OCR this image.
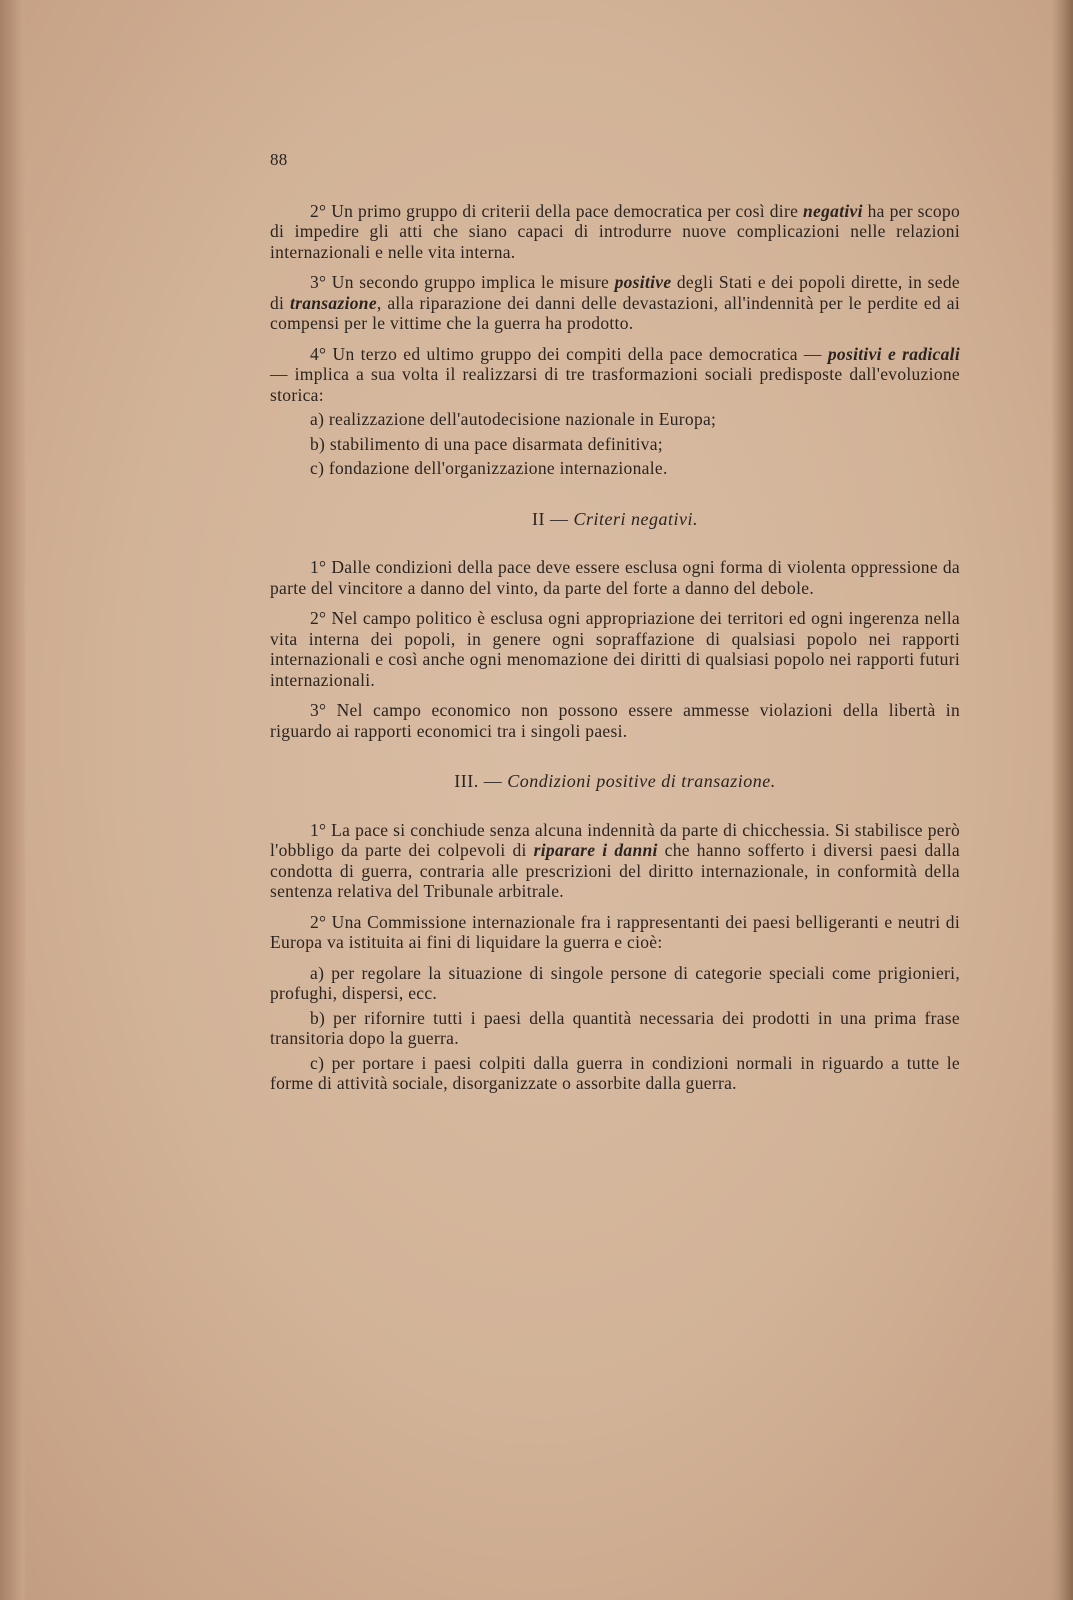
88

2° Un primo gruppo di criterii della pace democratica per così dire negativi ha per scopo di impedire gli atti che siano capaci di introdurre nuove complicazioni nelle relazioni internazionali e nelle vita interna.

3° Un secondo gruppo implica le misure positive degli Stati e dei popoli dirette, in sede di transazione, alla riparazione dei danni delle devastazioni, all'indennità per le perdite ed ai compensi per le vittime che la guerra ha prodotto.

4° Un terzo ed ultimo gruppo dei compiti della pace democratica — positivi e radicali — implica a sua volta il realizzarsi di tre trasformazioni sociali predisposte dall'evoluzione storica:

a) realizzazione dell'autodecisione nazionale in Europa;

b) stabilimento di una pace disarmata definitiva;

c) fondazione dell'organizzazione internazionale.

II — Criteri negativi.

1° Dalle condizioni della pace deve essere esclusa ogni forma di violenta oppressione da parte del vincitore a danno del vinto, da parte del forte a danno del debole.

2° Nel campo politico è esclusa ogni appropriazione dei territori ed ogni ingerenza nella vita interna dei popoli, in genere ogni sopraffazione di qualsiasi popolo nei rapporti internazionali e così anche ogni menomazione dei diritti di qualsiasi popolo nei rapporti futuri internazionali.

3° Nel campo economico non possono essere ammesse violazioni della libertà in riguardo ai rapporti economici tra i singoli paesi.

III. — Condizioni positive di transazione.

1° La pace si conchiude senza alcuna indennità da parte di chicchessia. Si stabilisce però l'obbligo da parte dei colpevoli di riparare i danni che hanno sofferto i diversi paesi dalla condotta di guerra, contraria alle prescrizioni del diritto internazionale, in conformità della sentenza relativa del Tribunale arbitrale.

2° Una Commissione internazionale fra i rappresentanti dei paesi belligeranti e neutri di Europa va istituita ai fini di liquidare la guerra e cioè:

a) per regolare la situazione di singole persone di categorie speciali come prigionieri, profughi, dispersi, ecc.

b) per rifornire tutti i paesi della quantità necessaria dei prodotti in una prima frase transitoria dopo la guerra.

c) per portare i paesi colpiti dalla guerra in condizioni normali in riguardo a tutte le forme di attività sociale, disorganizzate o assorbite dalla guerra.
